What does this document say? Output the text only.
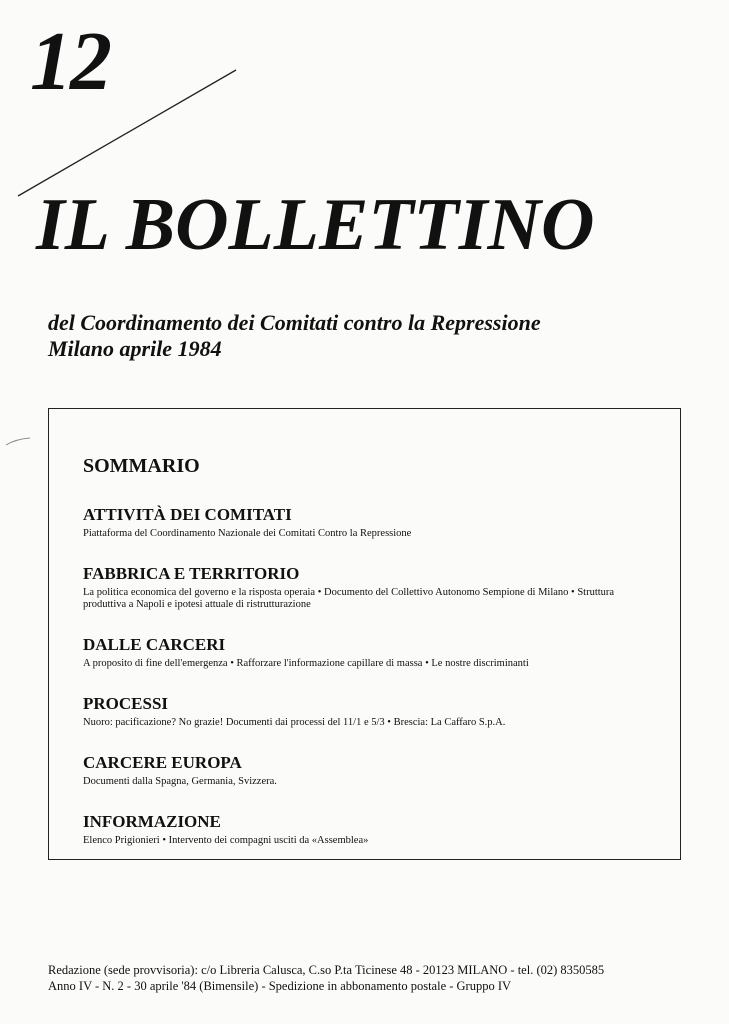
12
IL BOLLETTINO
del Coordinamento dei Comitati contro la Repressione
Milano aprile 1984
SOMMARIO
ATTIVITÀ DEI COMITATI

Piattaforma del Coordinamento Nazionale dei Comitati Contro la Repressione

FABBRICA E TERRITORIO

La politica economica del governo e la risposta operaia • Documento del Collettivo Autonomo Sempione di Milano • Struttura produttiva a Napoli e ipotesi attuale di ristrutturazione

DALLE CARCERI

A proposito di fine dell'emergenza • Rafforzare l'informazione capillare di massa • Le nostre discriminanti

PROCESSI

Nuoro: pacificazione? No grazie! Documenti dai processi del 11/1 e 5/3 • Brescia: La Caffaro S.p.A.

CARCERE EUROPA

Documenti dalla Spagna, Germania, Svizzera.

INFORMAZIONE

Elenco Prigionieri • Intervento dei compagni usciti da «Assemblea»

Redazione (sede provvisoria): c/o Libreria Calusca, C.so P.ta Ticinese 48 - 20123 MILANO - tel. (02) 8350585

Anno IV - N. 2 - 30 aprile '84 (Bimensile) - Spedizione in abbonamento postale - Gruppo IV
